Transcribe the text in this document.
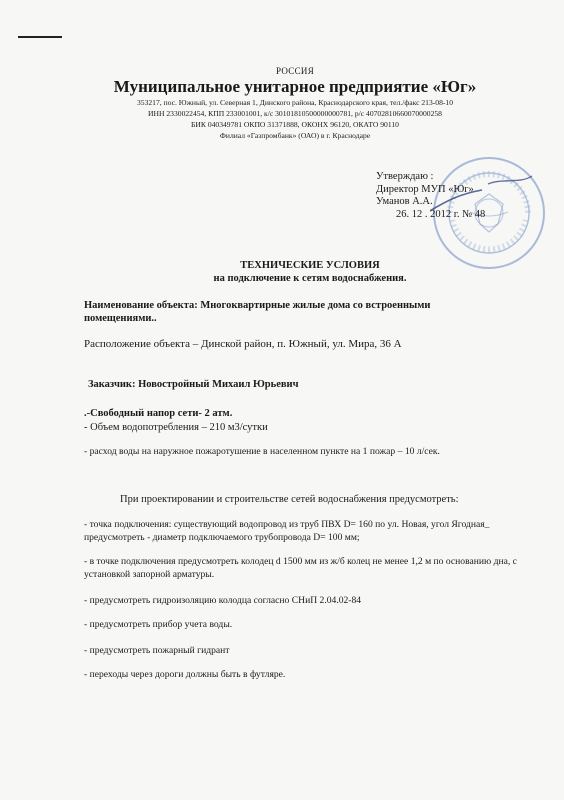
РОССИЯ
Муниципальное унитарное предприятие «Юг»
353217, пос. Южный, ул. Северная 1, Динского района, Краснодарского края, тел./факс 213-08-10
ИНН 2330022454, КПП 233001001, к/с 30101810500000000781, р/с 40702810660070000258
БИК 040349781 ОКПО 31371888, ОКОНХ 96120, ОКАТО 90110
Филиал «Газпромбанк» (ОАО) в г. Краснодаре
Утверждаю :
Директор МУП «Юг»
Уманов А.А.
26. 12 . 2012 г. № 48
ТЕХНИЧЕСКИЕ УСЛОВИЯ
на подключение к сетям водоснабжения.
Наименование объекта: Многоквартирные жилые дома со встроенными помещениями..
Расположение объекта – Динской район, п. Южный, ул. Мира, 36 А
Заказчик: Новостройный Михаил Юрьевич
.-Свободный напор сети- 2 атм.
- Объем водопотребления – 210 м3/сутки
- расход воды на наружное пожаротушение в населенном пункте на 1 пожар – 10 л/сек.
При проектировании и строительстве сетей водоснабжения предусмотреть:
- точка подключения: существующий водопровод из труб ПВХ D= 160 по ул. Новая, угол Ягодная_ предусмотреть - диаметр подключаемого трубопровода D= 100 мм;
- в точке подключения предусмотреть колодец d 1500 мм из ж/б колец не менее 1,2 м по основанию дна, с установкой запорной арматуры.
- предусмотреть гидроизоляцию колодца согласно СНиП 2.04.02-84
- предусмотреть прибор учета воды.
- предусмотреть пожарный гидрант
- переходы через дороги должны быть в футляре.
